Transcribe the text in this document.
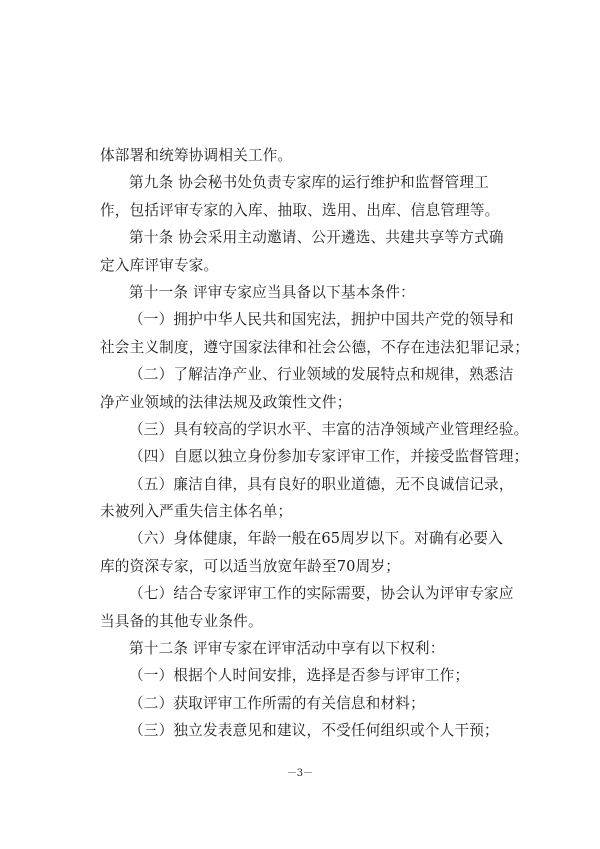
体部署和统筹协调相关工作。
第九条 协会秘书处负责专家库的运行维护和监督管理工
作，包括评审专家的入库、抽取、选用、出库、信息管理等。
第十条 协会采用主动邀请、公开遴选、共建共享等方式确
定入库评审专家。
第十一条 评审专家应当具备以下基本条件：
（一）拥护中华人民共和国宪法，拥护中国共产党的领导和
社会主义制度，遵守国家法律和社会公德，不存在违法犯罪记录；
（二）了解洁净产业、行业领域的发展特点和规律，熟悉洁
净产业领域的法律法规及政策性文件；
（三）具有较高的学识水平、丰富的洁净领域产业管理经验。
（四）自愿以独立身份参加专家评审工作，并接受监督管理；
（五）廉洁自律，具有良好的职业道德，无不良诚信记录，
未被列入严重失信主体名单；
（六）身体健康，年龄一般在65周岁以下。对确有必要入
库的资深专家，可以适当放宽年龄至70周岁；
（七）结合专家评审工作的实际需要，协会认为评审专家应
当具备的其他专业条件。
第十二条 评审专家在评审活动中享有以下权利：
（一）根据个人时间安排，选择是否参与评审工作；
（二）获取评审工作所需的有关信息和材料；
（三）独立发表意见和建议，不受任何组织或个人干预；
－3－
